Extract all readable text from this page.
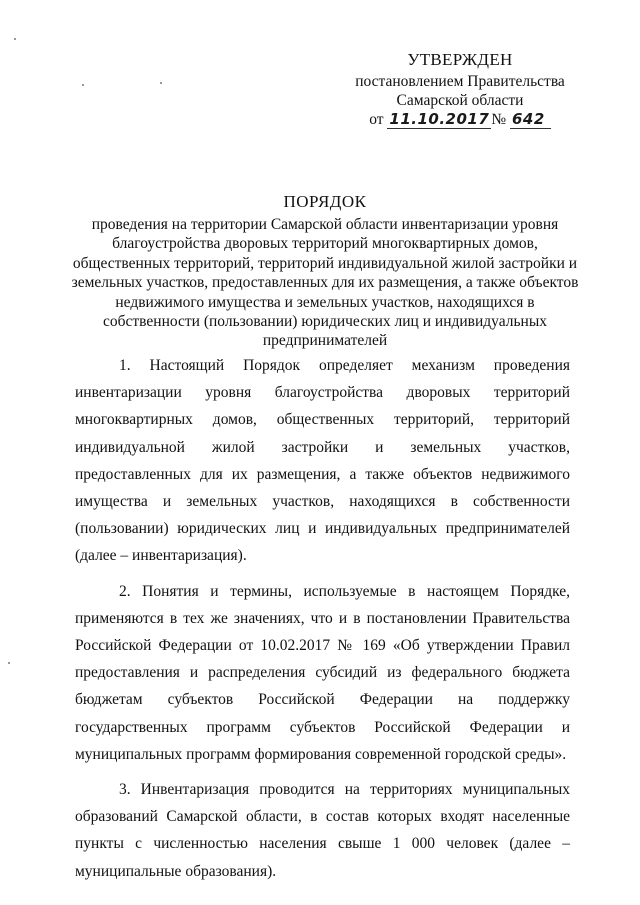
УТВЕРЖДЕН
постановлением Правительства
Самарской области
от 11.10.2017 № 642
ПОРЯДОК
проведения на территории Самарской области инвентаризации уровня благоустройства дворовых территорий многоквартирных домов, общественных территорий, территорий индивидуальной жилой застройки и земельных участков, предоставленных для их размещения, а также объектов недвижимого имущества и земельных участков, находящихся в собственности (пользовании) юридических лиц и индивидуальных предпринимателей

1. Настоящий Порядок определяет механизм проведения инвентаризации уровня благоустройства дворовых территорий многоквартирных домов, общественных территорий, территорий индивидуальной жилой застройки и земельных участков, предоставленных для их размещения, а также объектов недвижимого имущества и земельных участков, находящихся в собственности (пользовании) юридических лиц и индивидуальных предпринимателей (далее – инвентаризация).

2. Понятия и термины, используемые в настоящем Порядке, применяются в тех же значениях, что и в постановлении Правительства Российской Федерации от 10.02.2017 № 169 «Об утверждении Правил предоставления и распределения субсидий из федерального бюджета бюджетам субъектов Российской Федерации на поддержку государственных программ субъектов Российской Федерации и муниципальных программ формирования современной городской среды».

3. Инвентаризация проводится на территориях муниципальных образований Самарской области, в состав которых входят населенные пункты с численностью населения свыше 1 000 человек (далее – муниципальные образования).
